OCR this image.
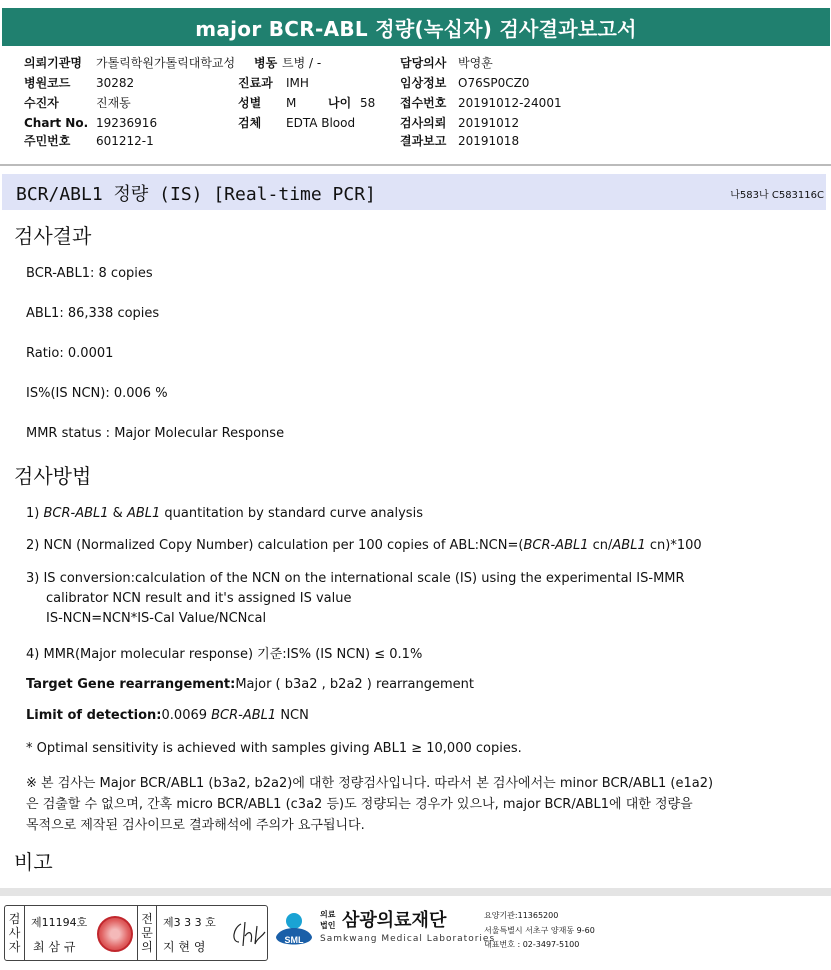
major BCR-ABL 정량(녹십자) 검사결과보고서
의뢰기관명 가톨릭학원가톨릭대학교성 병동 트병 / -	담당의사 박영훈
병원코드 30282	진료과 IMH	임상정보 O76SP0CZ0
수진자	진재동	성별 M	나이 58 접수번호 20191012-24001
Chart No. 19236916	검체 EDTA Blood	검사의뢰 20191012
주민번호 601212-1	결과보고 20191018
BCR/ABL1 정량 (IS) [Real-time PCR]	나583나 C583116C
검사결과
BCR-ABL1: 8 copies
ABL1: 86,338 copies
Ratio: 0.0001
IS%(IS NCN): 0.006 %
MMR status : Major Molecular Response
검사방법
1) BCR-ABL1 & ABL1 quantitation by standard curve analysis
2) NCN (Normalized Copy Number) calculation per 100 copies of ABL:NCN=(BCR-ABL1 cn/ABL1 cn)*100
3) IS conversion:calculation of the NCN on the international scale (IS) using the experimental IS-MMR
calibrator NCN result and it's assigned IS value
IS-NCN=NCN*IS-Cal Value/NCNcal
4) MMR(Major molecular response) 기준:IS% (IS NCN) ≤ 0.1%
Target Gene rearrangement:Major ( b3a2 , b2a2 ) rearrangement
Limit of detection:0.0069 BCR-ABL1 NCN
* Optimal sensitivity is achieved with samples giving ABL1 ≥ 10,000 copies.
※ 본 검사는 Major BCR/ABL1 (b3a2, b2a2)에 대한 정량검사입니다. 따라서 본 검사에서는 minor BCR/ABL1 (e1a2)
은 검출할 수 없으며, 간혹 micro BCR/ABL1 (c3a2 등)도 정량되는 경우가 있으나, major BCR/ABL1에 대한 정량을
목적으로 제작된 검사이므로 결과해석에 주의가 요구됩니다.
비고
검
사
자
제11194호
최 삼 규
전
문
의
제3 3 3 호
지 현 영	SML
의료
법인 삼광의료재단
Samkwang Medical Laboratories
요양기관:11365200
서울특별시 서초구 양재동 9-60
대표번호 : 02-3497-5100
